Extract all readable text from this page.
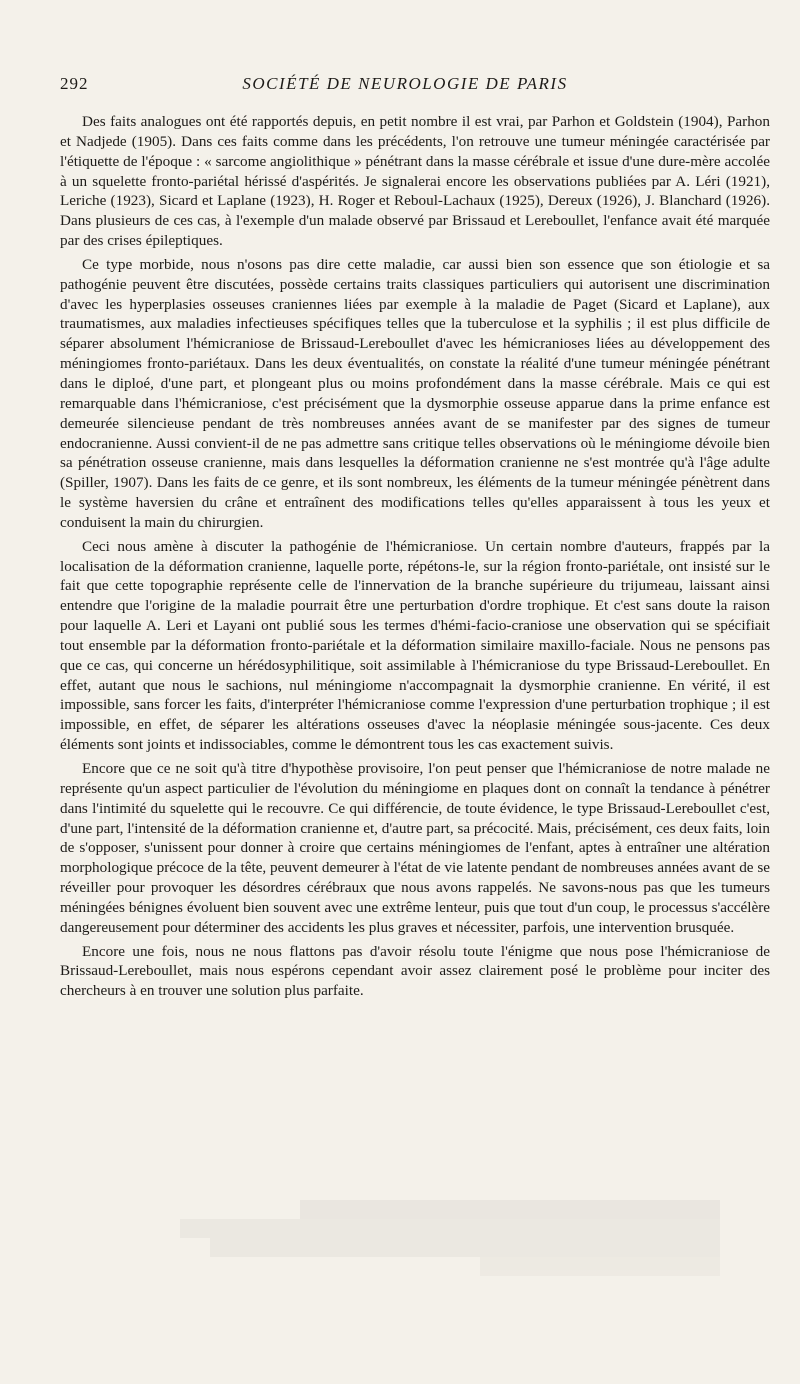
292	SOCIÉTÉ DE NEUROLOGIE DE PARIS

Des faits analogues ont été rapportés depuis, en petit nombre il est vrai, par Parhon et Goldstein (1904), Parhon et Nadjede (1905). Dans ces faits comme dans les précédents, l'on retrouve une tumeur méningée caractérisée par l'étiquette de l'époque : « sarcome angiolithique » pénétrant dans la masse cérébrale et issue d'une dure-mère accolée à un squelette fronto-pariétal hérissé d'aspérités. Je signalerai encore les observations publiées par A. Léri (1921), Leriche (1923), Sicard et Laplane (1923), H. Roger et Reboul-Lachaux (1925), Dereux (1926), J. Blanchard (1926). Dans plusieurs de ces cas, à l'exemple d'un malade observé par Brissaud et Lereboullet, l'enfance avait été marquée par des crises épileptiques.

Ce type morbide, nous n'osons pas dire cette maladie, car aussi bien son essence que son étiologie et sa pathogénie peuvent être discutées, possède certains traits classiques particuliers qui autorisent une discrimination d'avec les hyperplasies osseuses craniennes liées par exemple à la maladie de Paget (Sicard et Laplane), aux traumatismes, aux maladies infectieuses spécifiques telles que la tuberculose et la syphilis ; il est plus difficile de séparer absolument l'hémicraniose de Brissaud-Lereboullet d'avec les hémicranioses liées au développement des méningiomes fronto-pariétaux. Dans les deux éventualités, on constate la réalité d'une tumeur méningée pénétrant dans le diploé, d'une part, et plongeant plus ou moins profondément dans la masse cérébrale. Mais ce qui est remarquable dans l'hémicraniose, c'est précisément que la dysmorphie osseuse apparue dans la prime enfance est demeurée silencieuse pendant de très nombreuses années avant de se manifester par des signes de tumeur endocranienne. Aussi convient-il de ne pas admettre sans critique telles observations où le méningiome dévoile bien sa pénétration osseuse cranienne, mais dans lesquelles la déformation cranienne ne s'est montrée qu'à l'âge adulte (Spiller, 1907). Dans les faits de ce genre, et ils sont nombreux, les éléments de la tumeur méningée pénètrent dans le système haversien du crâne et entraînent des modifications telles qu'elles apparaissent à tous les yeux et conduisent la main du chirurgien.

Ceci nous amène à discuter la pathogénie de l'hémicraniose. Un certain nombre d'auteurs, frappés par la localisation de la déformation cranienne, laquelle porte, répétons-le, sur la région fronto-pariétale, ont insisté sur le fait que cette topographie représente celle de l'innervation de la branche supérieure du trijumeau, laissant ainsi entendre que l'origine de la maladie pourrait être une perturbation d'ordre trophique. Et c'est sans doute la raison pour laquelle A. Leri et Layani ont publié sous les termes d'hémi-facio-craniose une observation qui se spécifiait tout ensemble par la déformation fronto-pariétale et la déformation similaire maxillo-faciale. Nous ne pensons pas que ce cas, qui concerne un hérédosyphilitique, soit assimilable à l'hémicraniose du type Brissaud-Lereboullet. En effet, autant que nous le sachions, nul méningiome n'accompagnait la dysmorphie cranienne. En vérité, il est impossible, sans forcer les faits, d'interpréter l'hémicraniose comme l'expression d'une perturbation trophique ; il est impossible, en effet, de séparer les altérations osseuses d'avec la néoplasie méningée sous-jacente. Ces deux éléments sont joints et indissociables, comme le démontrent tous les cas exactement suivis.

Encore que ce ne soit qu'à titre d'hypothèse provisoire, l'on peut penser que l'hémicraniose de notre malade ne représente qu'un aspect particulier de l'évolution du méningiome en plaques dont on connaît la tendance à pénétrer dans l'intimité du squelette qui le recouvre. Ce qui différencie, de toute évidence, le type Brissaud-Lereboullet c'est, d'une part, l'intensité de la déformation cranienne et, d'autre part, sa précocité. Mais, précisément, ces deux faits, loin de s'opposer, s'unissent pour donner à croire que certains méningiomes de l'enfant, aptes à entraîner une altération morphologique précoce de la tête, peuvent demeurer à l'état de vie latente pendant de nombreuses années avant de se réveiller pour provoquer les désordres cérébraux que nous avons rappelés. Ne savons-nous pas que les tumeurs méningées bénignes évoluent bien souvent avec une extrême lenteur, puis que tout d'un coup, le processus s'accélère dangereusement pour déterminer des accidents les plus graves et nécessiter, parfois, une intervention brusquée.

Encore une fois, nous ne nous flattons pas d'avoir résolu toute l'énigme que nous pose l'hémicraniose de Brissaud-Lereboullet, mais nous espérons cependant avoir assez clairement posé le problème pour inciter des chercheurs à en trouver une solution plus parfaite.
